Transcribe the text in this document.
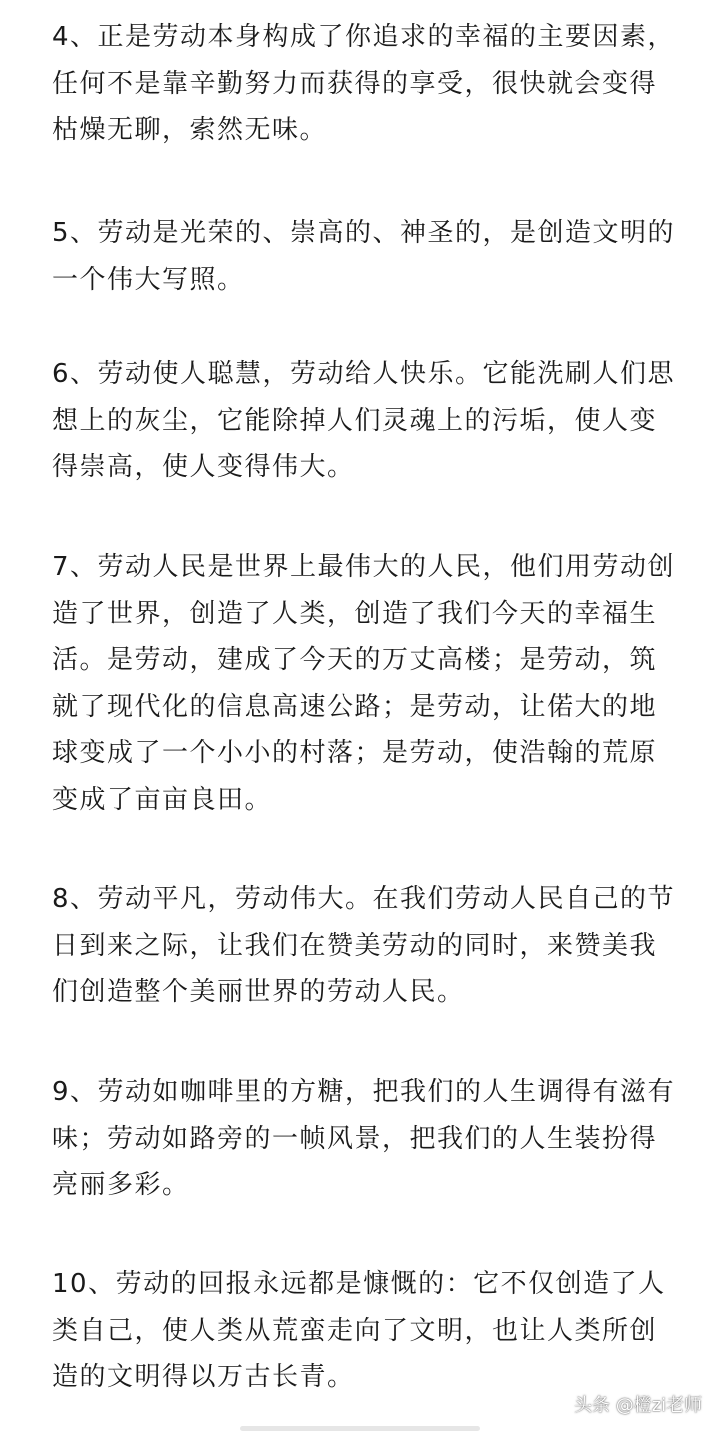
4、正是劳动本身构成了你追求的幸福的主要因素，任何不是靠辛勤努力而获得的享受，很快就会变得枯燥无聊，索然无味。

5、劳动是光荣的、崇高的、神圣的，是创造文明的一个伟大写照。

6、劳动使人聪慧，劳动给人快乐。它能洗刷人们思想上的灰尘，它能除掉人们灵魂上的污垢，使人变得崇高，使人变得伟大。

7、劳动人民是世界上最伟大的人民，他们用劳动创造了世界，创造了人类，创造了我们今天的幸福生活。是劳动，建成了今天的万丈高楼；是劳动，筑就了现代化的信息高速公路；是劳动，让偌大的地球变成了一个小小的村落；是劳动，使浩翰的荒原变成了亩亩良田。

8、劳动平凡，劳动伟大。在我们劳动人民自己的节日到来之际，让我们在赞美劳动的同时，来赞美我们创造整个美丽世界的劳动人民。

9、劳动如咖啡里的方糖，把我们的人生调得有滋有味；劳动如路旁的一帧风景，把我们的人生装扮得亮丽多彩。

10、劳动的回报永远都是慷慨的：它不仅创造了人类自己，使人类从荒蛮走向了文明，也让人类所创造的文明得以万古长青。

头条 @橙zi老师
